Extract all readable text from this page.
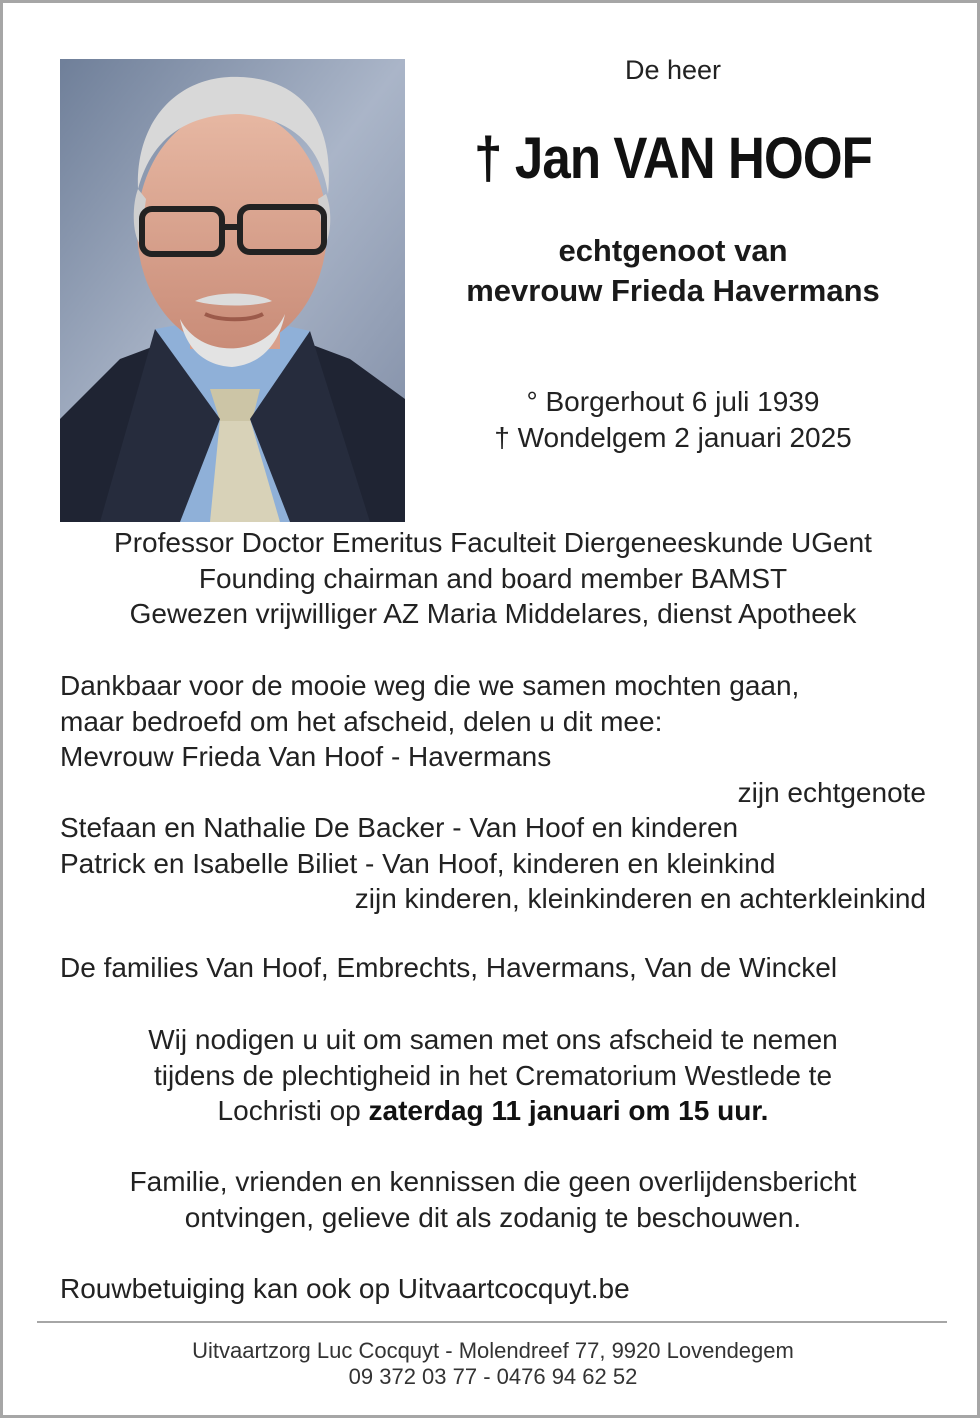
De heer
† Jan VAN HOOF
echtgenoot van
mevrouw Frieda Havermans
° Borgerhout 6 juli 1939
† Wondelgem 2 januari 2025
Professor Doctor Emeritus Faculteit Diergeneeskunde UGent
Founding chairman and board member BAMST
Gewezen vrijwilliger AZ Maria Middelares, dienst Apotheek
Dankbaar voor de mooie weg die we samen mochten gaan,
maar bedroefd om het afscheid, delen u dit mee:
Mevrouw Frieda Van Hoof - Havermans
zijn echtgenote
Stefaan en Nathalie De Backer - Van Hoof en kinderen
Patrick en Isabelle Biliet - Van Hoof, kinderen en kleinkind
zijn kinderen, kleinkinderen en achterkleinkind
De families Van Hoof, Embrechts, Havermans, Van de Winckel
Wij nodigen u uit om samen met ons afscheid te nemen
tijdens de plechtigheid in het Crematorium Westlede te
Lochristi op zaterdag 11 januari om 15 uur.
Familie, vrienden en kennissen die geen overlijdensbericht
ontvingen, gelieve dit als zodanig te beschouwen.
Rouwbetuiging kan ook op Uitvaartcocquyt.be
Uitvaartzorg Luc Cocquyt - Molendreef 77, 9920 Lovendegem
09 372 03 77 - 0476 94 62 52
